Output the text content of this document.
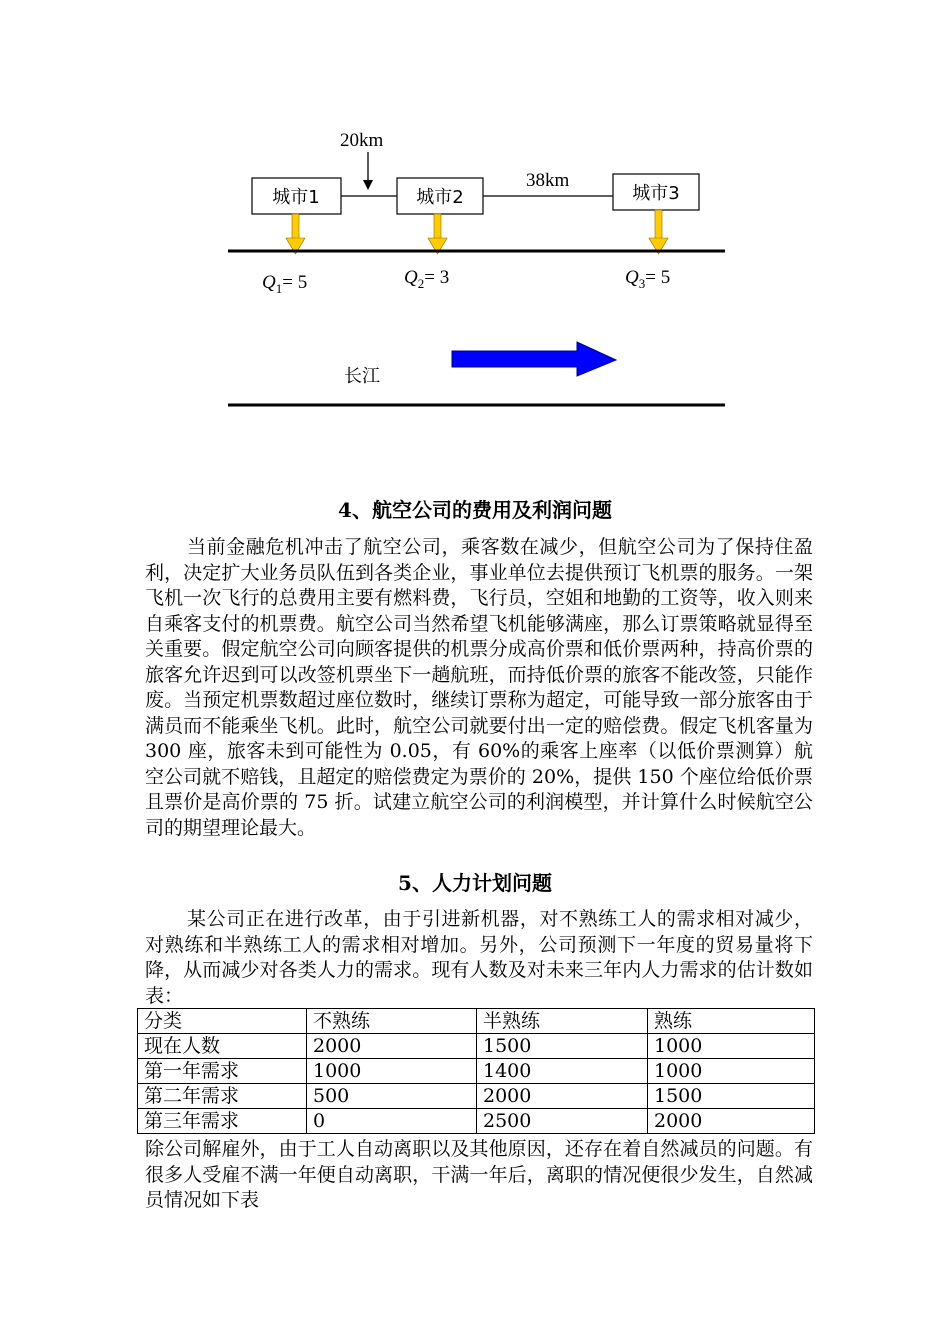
20km
38km
城市1	城市2	城市3
$Q_1= 5$	$Q_2= 3$	$Q_3= 5$
长江
4、航空公司的费用及利润问题
当前金融危机冲击了航空公司，乘客数在减少，但航空公司为了保持住盈利，决定扩大业务员队伍到各类企业，事业单位去提供预订飞机票的服务。一架飞机一次飞行的总费用主要有燃料费，飞行员，空姐和地勤的工资等，收入则来自乘客支付的机票费。航空公司当然希望飞机能够满座，那么订票策略就显得至关重要。假定航空公司向顾客提供的机票分成高价票和低价票两种，持高价票的旅客允许迟到可以改签机票坐下一趟航班，而持低价票的旅客不能改签，只能作废。当预定机票数超过座位数时，继续订票称为超定，可能导致一部分旅客由于满员而不能乘坐飞机。此时，航空公司就要付出一定的赔偿费。假定飞机客量为 300 座，旅客未到可能性为 0.05，有 60%的乘客上座率（以低价票测算）航空公司就不赔钱，且超定的赔偿费定为票价的 20%，提供 150 个座位给低价票且票价是高价票的 75 折。试建立航空公司的利润模型，并计算什么时候航空公司的期望理论最大。
5、人力计划问题
某公司正在进行改革，由于引进新机器，对不熟练工人的需求相对减少，对熟练和半熟练工人的需求相对增加。另外，公司预测下一年度的贸易量将下降，从而减少对各类人力的需求。现有人数及对未来三年内人力需求的估计数如表：
分类	不熟练	半熟练	熟练
现在人数	2000	1500	1000
第一年需求	1000	1400	1000
第二年需求	500	2000	1500
第三年需求	0	2500	2000
除公司解雇外，由于工人自动离职以及其他原因，还存在着自然减员的问题。有很多人受雇不满一年便自动离职，干满一年后，离职的情况便很少发生，自然减员情况如下表
